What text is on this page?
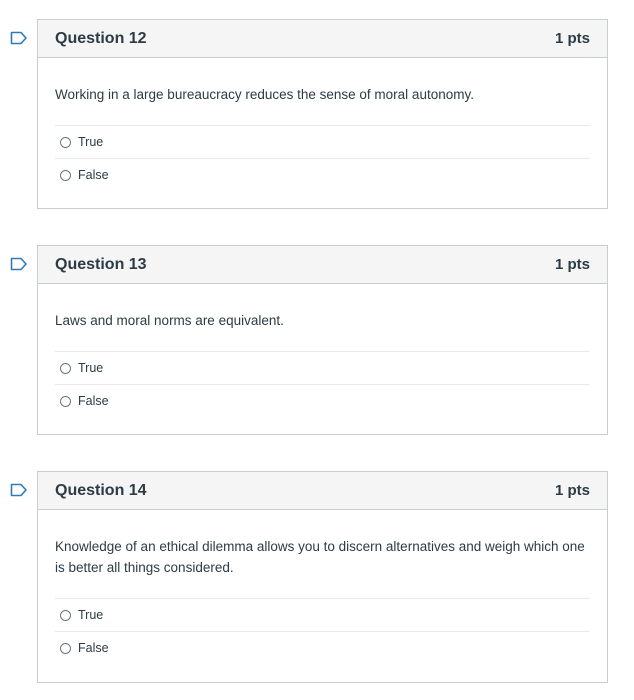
Question 12	1 pts

Working in a large bureaucracy reduces the sense of moral autonomy.

True
False
Question 13	1 pts

Laws and moral norms are equivalent.

True
False
Question 14	1 pts

Knowledge of an ethical dilemma allows you to discern alternatives and weigh which one is better all things considered.

True
False
